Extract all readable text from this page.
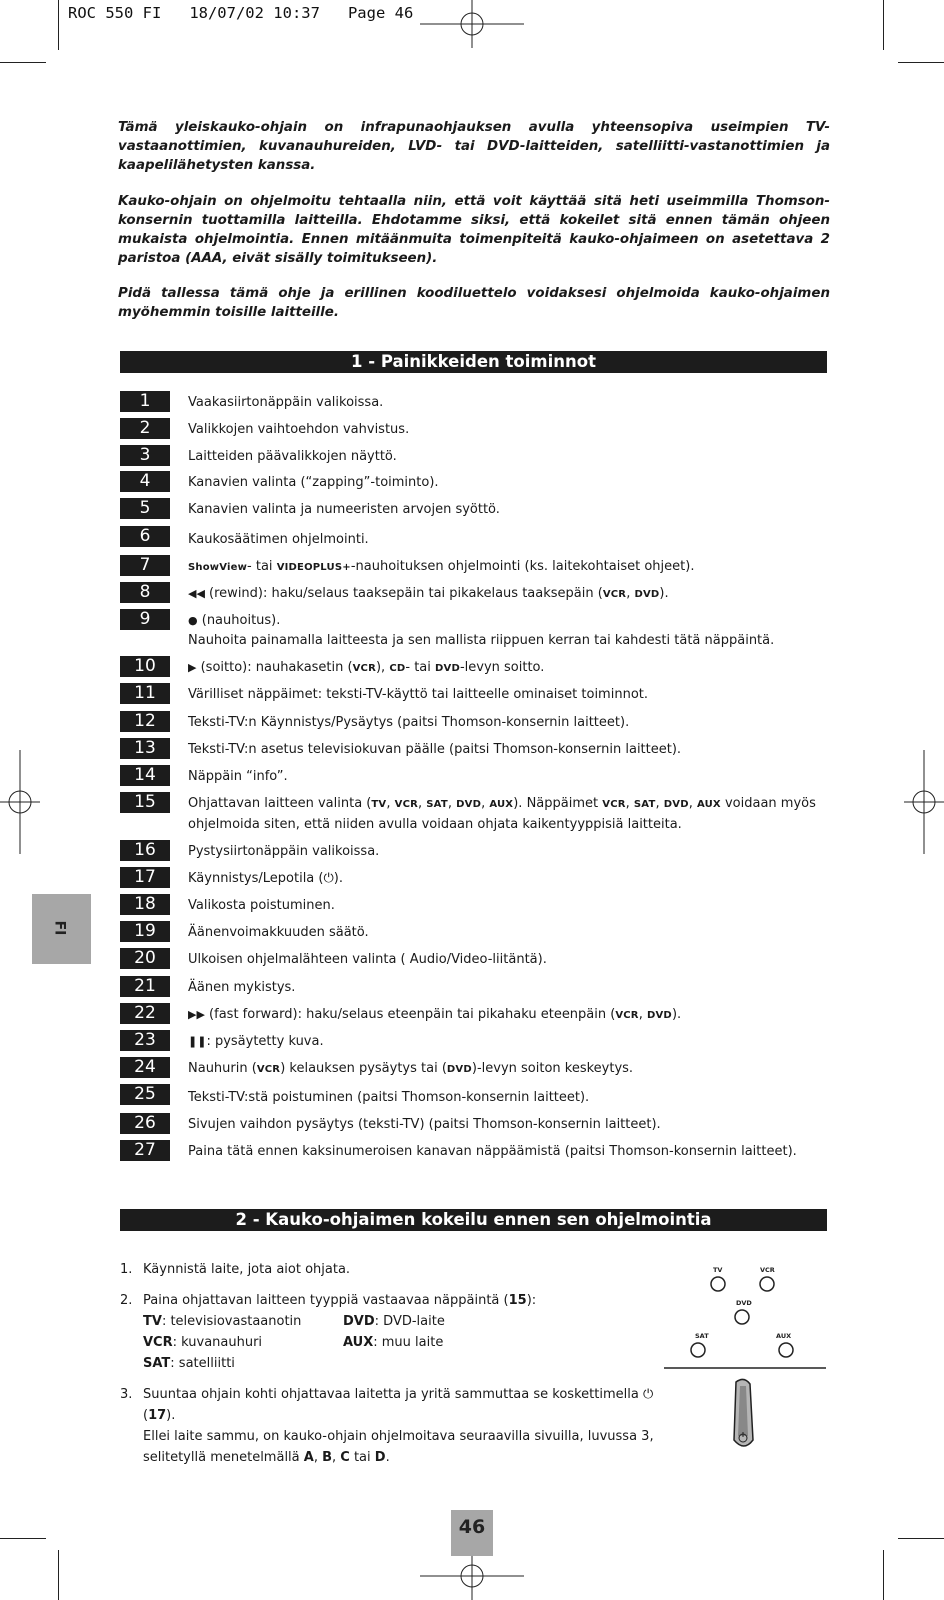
ROC 550 FI   18/07/02 10:37   Page 46

Tämä yleiskauko-ohjain on infrapunaohjauksen avulla yhteensopiva useimpien TV-vastaanottimien, kuvanauhureiden, LVD- tai DVD-laitteiden, satelliitti-vastanottimien ja kaapelilähetysten kanssa.

Kauko-ohjain on ohjelmoitu tehtaalla niin, että voit käyttää sitä heti useimmilla Thomson-konsernin tuottamilla laitteilla. Ehdotamme siksi, että kokeilet sitä ennen tämän ohjeen mukaista ohjelmointia. Ennen mitäänmuita toimenpiteitä kauko-ohjaimeen on asetettava 2 paristoa (AAA, eivät sisälly toimitukseen).

Pidä tallessa tämä ohje ja erillinen koodiluettelo voidaksesi ohjelmoida kauko-ohjaimen myöhemmin toisille laitteille.

1 - Painikkeiden toiminnot
1	Vaakasiirtonäppäin valikoissa.
2	Valikkojen vaihtoehdon vahvistus.
3	Laitteiden päävalikkojen näyttö.
4	Kanavien valinta (“zapping”-toiminto).
5	Kanavien valinta ja numeeristen arvojen syöttö.
6	Kaukosäätimen ohjelmointi.
7	ShowView- tai VIDEOPLUS+-nauhoituksen ohjelmointi (ks. laitekohtaiset ohjeet).
8	◀◀ (rewind): haku/selaus taaksepäin tai pikakelaus taaksepäin (VCR, DVD).
9	● (nauhoitus).
Nauhoita painamalla laitteesta ja sen mallista riippuen kerran tai kahdesti tätä näppäintä.
10	▶ (soitto): nauhakasetin (VCR), CD- tai DVD-levyn soitto.
11	Värilliset näppäimet: teksti-TV-käyttö tai laitteelle ominaiset toiminnot.
12	Teksti-TV:n Käynnistys/Pysäytys (paitsi Thomson-konsernin laitteet).
13	Teksti-TV:n asetus televisiokuvan päälle (paitsi Thomson-konsernin laitteet).
14	Näppäin “info”.
15	Ohjattavan laitteen valinta (TV, VCR, SAT, DVD, AUX). Näppäimet VCR, SAT, DVD, AUX voidaan myös
ohjelmoida siten, että niiden avulla voidaan ohjata kaikentyyppisiä laitteita.
16	Pystysiirtonäppäin valikoissa.
17	Käynnistys/Lepotila (⏻).
18	Valikosta poistuminen.
19	Äänenvoimakkuuden säätö.
20	Ulkoisen ohjelmalähteen valinta ( Audio/Video-liitäntä).
21	Äänen mykistys.
22	▶▶ (fast forward): haku/selaus eteenpäin tai pikahaku eteenpäin (VCR, DVD).
23	❚❚: pysäytetty kuva.
24	Nauhurin (VCR) kelauksen pysäytys tai (DVD)-levyn soiton keskeytys.
25	Teksti-TV:stä poistuminen (paitsi Thomson-konsernin laitteet).
26	Sivujen vaihdon pysäytys (teksti-TV) (paitsi Thomson-konsernin laitteet).
27	Paina tätä ennen kaksinumeroisen kanavan näppäämistä (paitsi Thomson-konsernin laitteet).
FI
2 - Kauko-ohjaimen kokeilu ennen sen ohjelmointia
1. Käynnistä laite, jota aiot ohjata.
2. Paina ohjattavan laitteen tyyppiä vastaavaa näppäintä (15):
TV: televisiovastaanotin	DVD: DVD-laite
VCR: kuvanauhuri	AUX: muu laite
SAT: satelliitti
3. Suuntaa ohjain kohti ohjattavaa laitetta ja yritä sammuttaa se koskettimella ⏻ (17).
Ellei laite sammu, on kauko-ohjain ohjelmoitava seuraavilla sivuilla, luvussa 3,
selitetyllä menetelmällä A, B, C tai D.
TV	VCR
DVD
SAT	AUX
46
